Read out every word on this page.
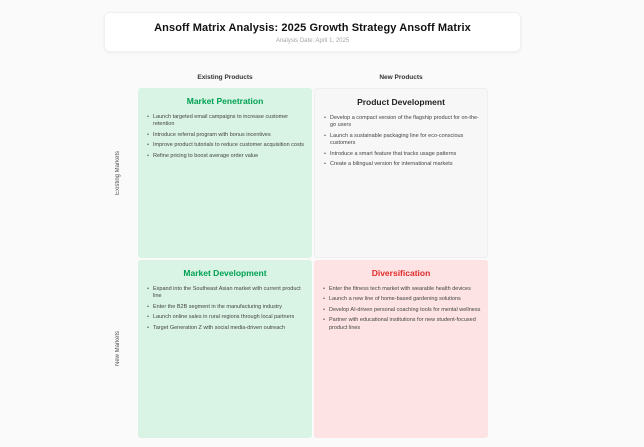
Ansoff Matrix Analysis: 2025 Growth Strategy Ansoff Matrix
Analysis Date: April 1, 2025
Existing Products	New Products
Existing Markets
New Markets
Market Penetration
• Launch targeted email campaigns to increase customer retention
• Introduce referral program with bonus incentives
• Improve product tutorials to reduce customer acquisition costs
• Refine pricing to boost average order value
Product Development
• Develop a compact version of the flagship product for on-the-go users
• Launch a sustainable packaging line for eco-conscious customers
• Introduce a smart feature that tracks usage patterns
• Create a bilingual version for international markets
Market Development
• Expand into the Southeast Asian market with current product line
• Enter the B2B segment in the manufacturing industry
• Launch online sales in rural regions through local partners
• Target Generation Z with social media-driven outreach
Diversification
• Enter the fitness tech market with wearable health devices
• Launch a new line of home-based gardening solutions
• Develop AI-driven personal coaching tools for mental wellness
• Partner with educational institutions for new student-focused product lines
